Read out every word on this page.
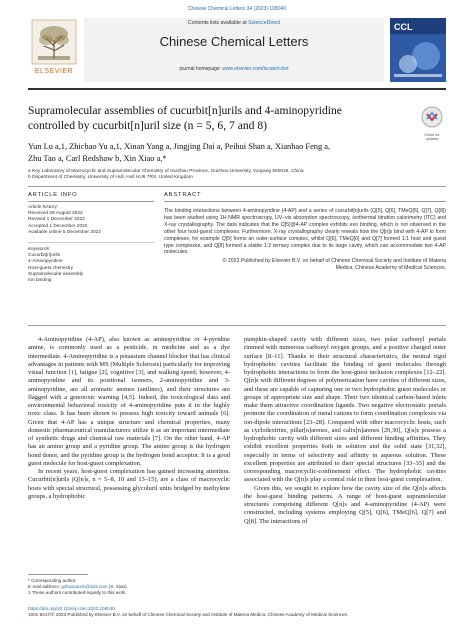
Chinese Chemical Letters 34 (2023) 108040
ELSEVIER
Contents lists available at ScienceDirect
Chinese Chemical Letters
journal homepage: www.elsevier.com/locate/cclet
CCL
Supramolecular assemblies of cucurbit[n]urils and 4-aminopyridine
controlled by cucurbit[n]uril size (n = 5, 6, 7 and 8)
Check for updates
Yun Lu a,1, Zhichao Yu a,1, Xinan Yang a, Jingjing Dai a, Peihui Shan a, Xianhao Feng a,
Zhu Tao a, Carl Redshaw b, Xin Xiao a,*
a Key Laboratory of Macrocyclic and Supramolecular Chemistry of Guizhou Province, Guizhou University, Guiyang 550025, China
b Department of Chemistry, University of Hull, Hull HU6 7RX, United Kingdom
ARTICLE INFO
Article history:
Received 28 August 2022
Revised 1 December 2022
Accepted 1 December 2022
Available online 5 December 2022
Keywords:
Cucurbit[n]urils
4-Aminopyridine
Host-guest chemistry
Supramolecular assembly
Ion binding
ABSTRACT
The binding interactions between 4-aminopyridine (4-AP) and a series of cucurbit[n]urils (Q[5], Q[6], TMeQ[6], Q[7], Q[8]) has been studied using 1H NMR spectroscopy, UV–vis absorption spectroscopy, isothermal titration calorimetry (ITC) and X-ray crystallography. The data indicates that the Q[5]@4-AP complex exhibits exo binding, which is not observed in the other four host-guest complexes. Furthermore, X-ray crystallography clearly reveals how the Q[n]s bind with 4-AP to form complexes, for example Q[5] forms an outer-surface complex, whilst Q[6], TMeQ[6] and Q[7] formed 1:1 host and guest type complexes, and Q[8] formed a stable 1:2 ternary complex due to its large cavity, which can accommodate two 4-AP molecules.
© 2023 Published by Elsevier B.V. on behalf of Chinese Chemical Society and Institute of Materia
Medica, Chinese Academy of Medical Sciences.

4-Aminopyridine (4-AP), also known as aminopyridine or 4-pyridine amine, is commonly used as a pesticide, in medicine and as a dye intermediate. 4-Aminopyridine is a potassium channel blocker that has clinical advantages in patients with MS (Multiple Sclerosis) particularly for improving visual function [1], fatigue [2], cognitive [3], and walking speed; however, 4-aminopyridine and its positional isomers, 2-aminopyridine and 3-aminopyridine, are all aromatic amines (anilines), and their structures are flagged with a genotoxic warning [4,5]. Indeed, the toxicological data and environmental behavioral toxicity of 4-aminopyridine puts it in the highly toxic class. It has been shown to possess high toxicity toward animals [6]. Given that 4-AP has a unique structure and chemical properties, many domestic pharmaceutical manufacturers utilize it as an important intermediate of synthetic drugs and chemical raw materials [7]. On the other hand, 4-AP has an amino group and a pyridine group. The amino group is the hydrogen bond donor, and the pyridine group is the hydrogen bond acceptor. It is a good guest molecule for host-guest complexation.

In recent years, host-guest complexation has gained increasing attention. Cucurbit[n]urils (Q[n]s, n = 5–8, 10 and 13–15), are a class of macrocyclic hosts with special structural, possessing glycoluril units bridged by methylene groups, a hydrophobic

pumpkin-shaped cavity with different sizes, two polar carbonyl portals rimmed with numerous carbonyl oxygen groups, and a positive charged outer surface [8–11]. Thanks to their structural characteristics, the neutral rigid hydrophobic cavities facilitate the binding of guest molecules through hydrophobic interactions to form the host-guest inclusion complexes [12–22]. Q[n]s with different degrees of polymerization have cavities of different sizes, and these are capable of capturing one or two hydrophobic guest molecules or groups of appropriate size and shape. Their two identical carbon-based inlets make them attractive coordination ligands. Two negative electrostatic portals promote the coordination of metal cations to form coordination complexes via ion-dipole interactions [23–28]. Compared with other macrocyclic hosts, such as cyclodextrins, pillar[n]arenes, and calix[n]arenes [29,30], Q[n]s possess a hydrophobic cavity with different sizes and different binding affinities. They exhibit excellent properties both in solution and the solid state [31,32], especially in terms of selectivity and affinity in aqueous solution. These excellent properties are attributed to their special structures [33–35] and the corresponding macrocyclic-confinement effect. The hydrophobic cavities associated with the Q[n]s play a central role in their host-guest complexation.

Given this, we sought to explore how the cavity size of the Q[n]s affects the host-guest binding patterns. A range of host-guest supramolecular structures comprising different Q[n]s and 4-aminopyridine (4-AP) were constructed, including systems employing Q[5], Q[6], TMeQ[6], Q[7] and Q[8]. The interactions of

* Corresponding author.
E-mail address: gzhxxiaoxin@163.com (X. Xiao).
1 These authors contributed equally to this work.
https://doi.org/10.1016/j.cclet.2022.108040
1001-8417/© 2023 Published by Elsevier B.V. on behalf of Chinese Chemical Society and Institute of Materia Medica, Chinese Academy of Medical Sciences.
